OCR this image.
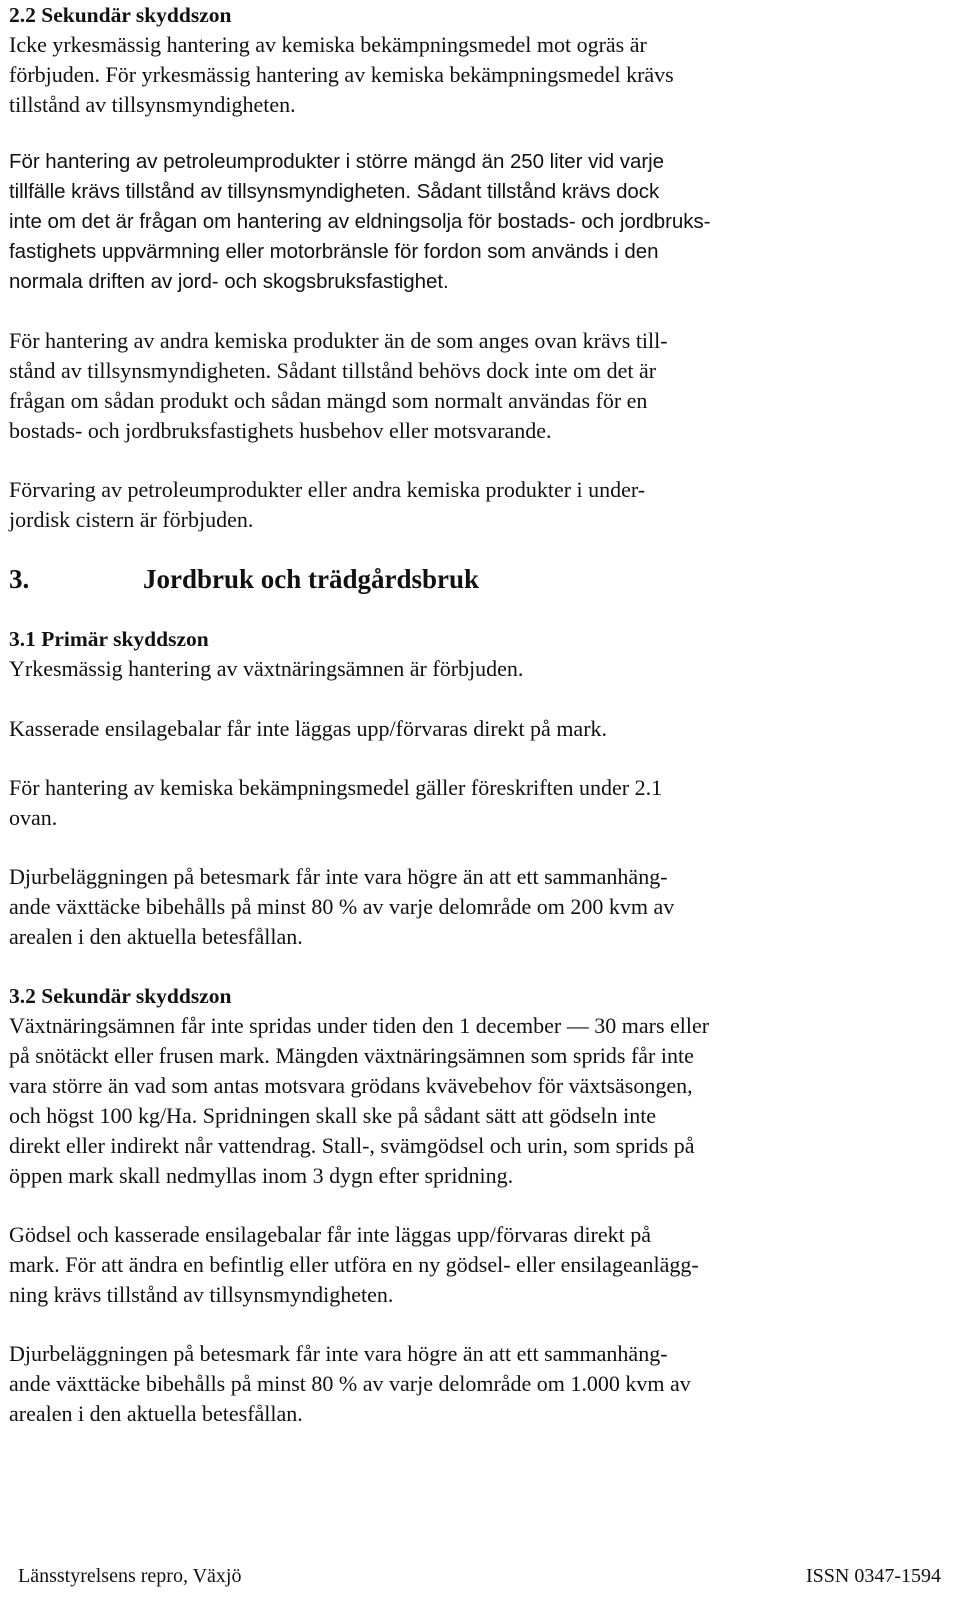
2.2 Sekundär skyddszon
Icke yrkesmässig hantering av kemiska bekämpningsmedel mot ogräs är
förbjuden. För yrkesmässig hantering av kemiska bekämpningsmedel krävs
tillstånd av tillsynsmyndigheten.
För hantering av petroleumprodukter i större mängd än 250 liter vid varje
tillfälle krävs tillstånd av tillsynsmyndigheten. Sådant tillstånd krävs dock
inte om det är frågan om hantering av eldningsolja för bostads- och jordbruks-
fastighets uppvärmning eller motorbränsle för fordon som används i den
normala driften av jord- och skogsbruksfastighet.
För hantering av andra kemiska produkter än de som anges ovan krävs till-
stånd av tillsynsmyndigheten. Sådant tillstånd behövs dock inte om det är
frågan om sådan produkt och sådan mängd som normalt användas för en
bostads- och jordbruksfastighets husbehov eller motsvarande.
Förvaring av petroleumprodukter eller andra kemiska produkter i under-
jordisk cistern är förbjuden.
3.	Jordbruk och trädgårdsbruk
3.1 Primär skyddszon
Yrkesmässig hantering av växtnäringsämnen är förbjuden.
Kasserade ensilagebalar får inte läggas upp/förvaras direkt på mark.
För hantering av kemiska bekämpningsmedel gäller föreskriften under 2.1
ovan.
Djurbeläggningen på betesmark får inte vara högre än att ett sammanhäng-
ande växttäcke bibehålls på minst 80 % av varje delområde om 200 kvm av
arealen i den aktuella betesfållan.
3.2 Sekundär skyddszon
Växtnäringsämnen får inte spridas under tiden den 1 december — 30 mars eller
på snötäckt eller frusen mark. Mängden växtnäringsämnen som sprids får inte
vara större än vad som antas motsvara grödans kvävebehov för växtsäsongen,
och högst 100 kg/Ha. Spridningen skall ske på sådant sätt att gödseln inte
direkt eller indirekt når vattendrag. Stall-, svämgödsel och urin, som sprids på
öppen mark skall nedmyllas inom 3 dygn efter spridning.
Gödsel och kasserade ensilagebalar får inte läggas upp/förvaras direkt på
mark. För att ändra en befintlig eller utföra en ny gödsel- eller ensilageanlägg-
ning krävs tillstånd av tillsynsmyndigheten.
Djurbeläggningen på betesmark får inte vara högre än att ett sammanhäng-
ande växttäcke bibehålls på minst 80 % av varje delområde om 1.000 kvm av
arealen i den aktuella betesfållan.
Länsstyrelsens repro, Växjö	ISSN 0347-1594
